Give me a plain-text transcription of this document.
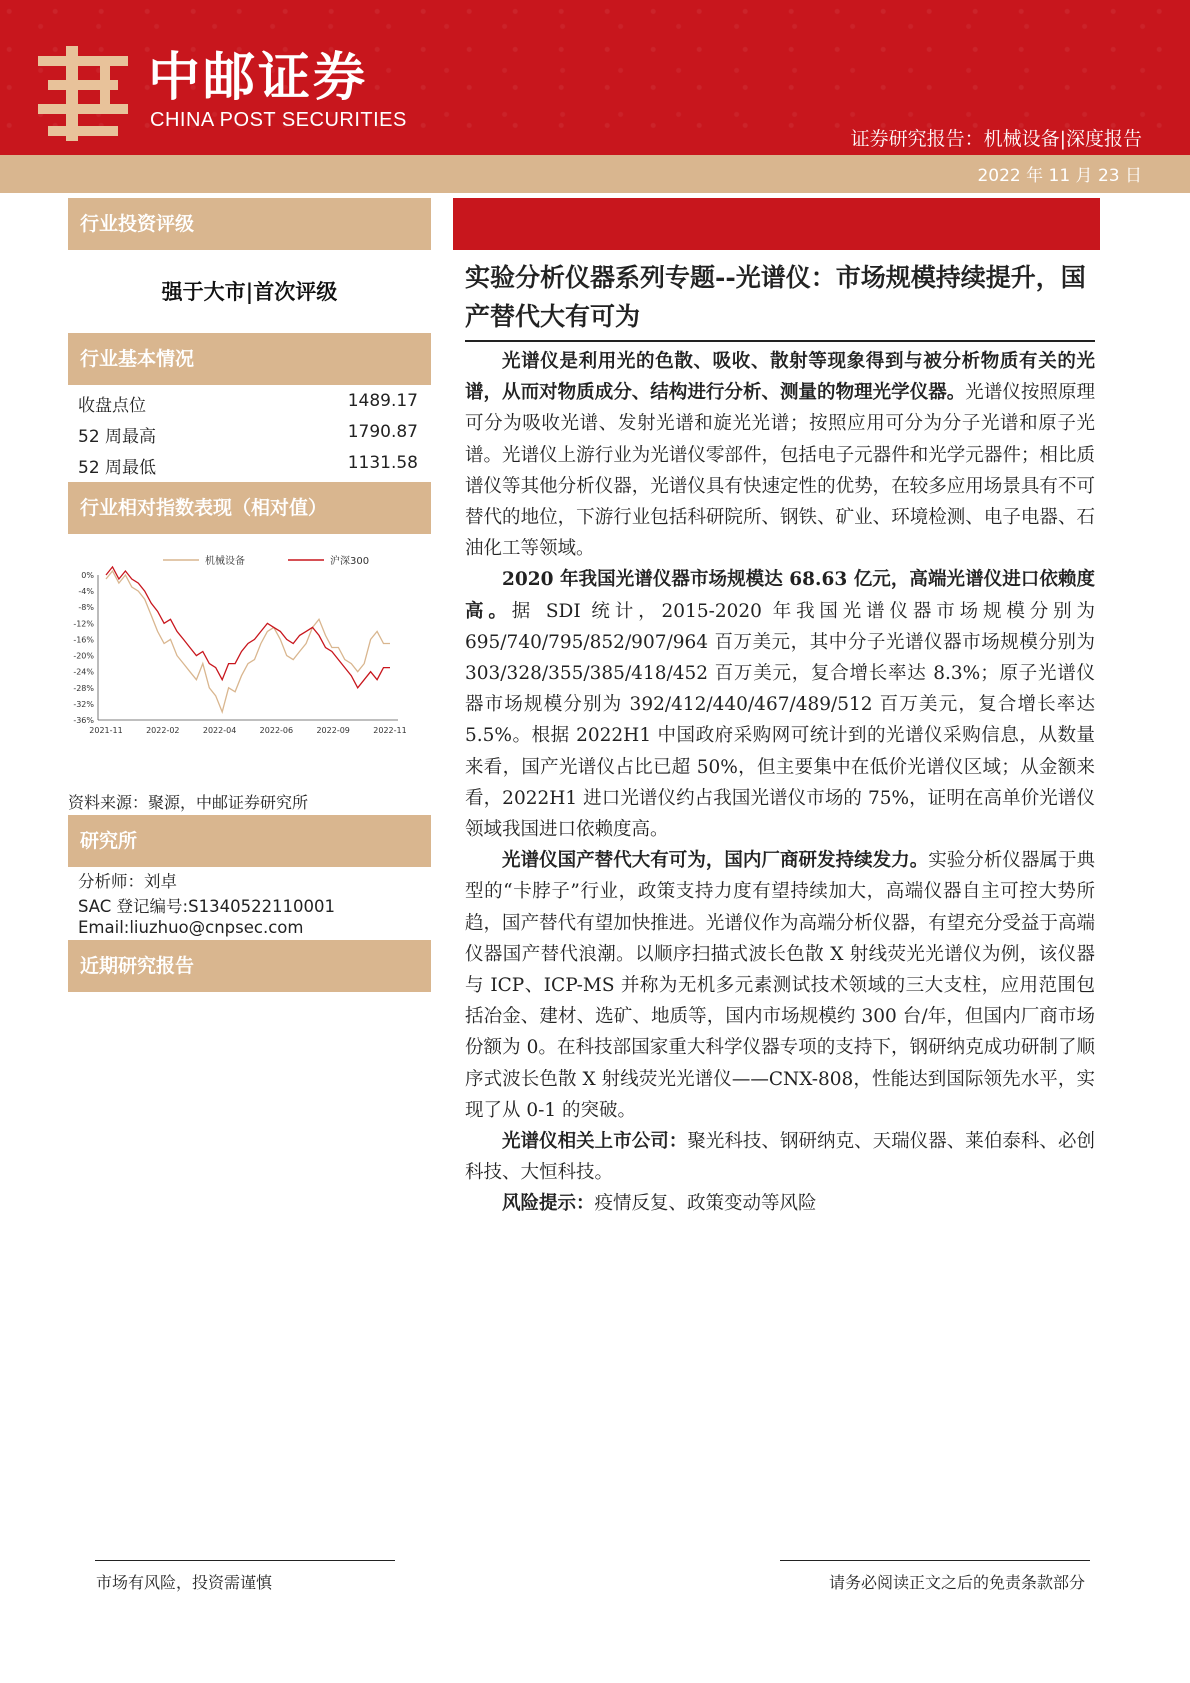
中邮证券
CHINA POST SECURITIES
证券研究报告：机械设备|深度报告
2022 年 11 月 23 日
行业投资评级
强于大市|首次评级
行业基本情况
收盘点位	1489.17
52 周最高	1790.87
52 周最低	1131.58
行业相对指数表现（相对值）
0%
-4%
-8%
-12%
-16%
-20%
-24%
-28%
-32%
-36%
2021-11	2022-02	2022-04	2022-06	2022-09	2022-11
机械设备	沪深300
资料来源：聚源，中邮证券研究所
研究所
分析师：刘卓
SAC 登记编号:S1340522110001
Email:liuzhuo@cnpsec.com
近期研究报告
实验分析仪器系列专题--光谱仪：市场规模持续提升，国产替代大有可为

光谱仪是利用光的色散、吸收、散射等现象得到与被分析物质有关的光谱，从而对物质成分、结构进行分析、测量的物理光学仪器。光谱仪按照原理可分为吸收光谱、发射光谱和旋光光谱；按照应用可分为分子光谱和原子光谱。光谱仪上游行业为光谱仪零部件，包括电子元器件和光学元器件；相比质谱仪等其他分析仪器，光谱仪具有快速定性的优势，在较多应用场景具有不可替代的地位，下游行业包括科研院所、钢铁、矿业、环境检测、电子电器、石油化工等领域。

2020 年我国光谱仪器市场规模达 68.63 亿元，高端光谱仪进口依赖度高。据 SDI 统计，2015-2020 年我国光谱仪器市场规模分别为 695/740/795/852/907/964 百万美元，其中分子光谱仪器市场规模分别为 303/328/355/385/418/452 百万美元，复合增长率达 8.3%；原子光谱仪器市场规模分别为 392/412/440/467/489/512 百万美元，复合增长率达 5.5%。根据 2022H1 中国政府采购网可统计到的光谱仪采购信息，从数量来看，国产光谱仪占比已超 50%，但主要集中在低价光谱仪区域；从金额来看，2022H1 进口光谱仪约占我国光谱仪市场的 75%，证明在高单价光谱仪领域我国进口依赖度高。

光谱仪国产替代大有可为，国内厂商研发持续发力。实验分析仪器属于典型的“卡脖子”行业，政策支持力度有望持续加大，高端仪器自主可控大势所趋，国产替代有望加快推进。光谱仪作为高端分析仪器，有望充分受益于高端仪器国产替代浪潮。以顺序扫描式波长色散 X 射线荧光光谱仪为例，该仪器与 ICP、ICP-MS 并称为无机多元素测试技术领域的三大支柱，应用范围包括冶金、建材、选矿、地质等，国内市场规模约 300 台/年，但国内厂商市场份额为 0。在科技部国家重大科学仪器专项的支持下，钢研纳克成功研制了顺序式波长色散 X 射线荧光光谱仪——CNX-808，性能达到国际领先水平，实现了从 0-1 的突破。

光谱仪相关上市公司：聚光科技、钢研纳克、天瑞仪器、莱伯泰科、必创科技、大恒科技。

风险提示：疫情反复、政策变动等风险

市场有风险，投资需谨慎	请务必阅读正文之后的免责条款部分
